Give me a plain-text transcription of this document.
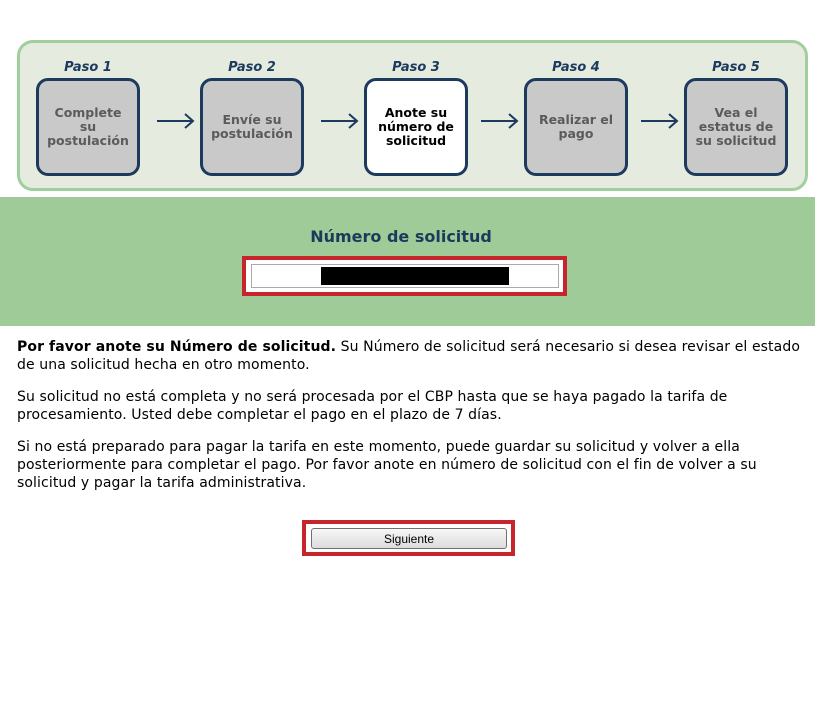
Paso 1
Complete su postulación
Paso 2
Envíe su postulación
Paso 3
Anote su número de solicitud
Paso 4
Realizar el pago
Paso 5
Vea el estatus de su solicitud
Número de solicitud

Por favor anote su Número de solicitud. Su Número de solicitud será necesario si desea revisar el estado de una solicitud hecha en otro momento.

Su solicitud no está completa y no será procesada por el CBP hasta que se haya pagado la tarifa de procesamiento. Usted debe completar el pago en el plazo de 7 días.

Si no está preparado para pagar la tarifa en este momento, puede guardar su solicitud y volver a ella posteriormente para completar el pago. Por favor anote en número de solicitud con el fin de volver a su solicitud y pagar la tarifa administrativa.

Siguiente
